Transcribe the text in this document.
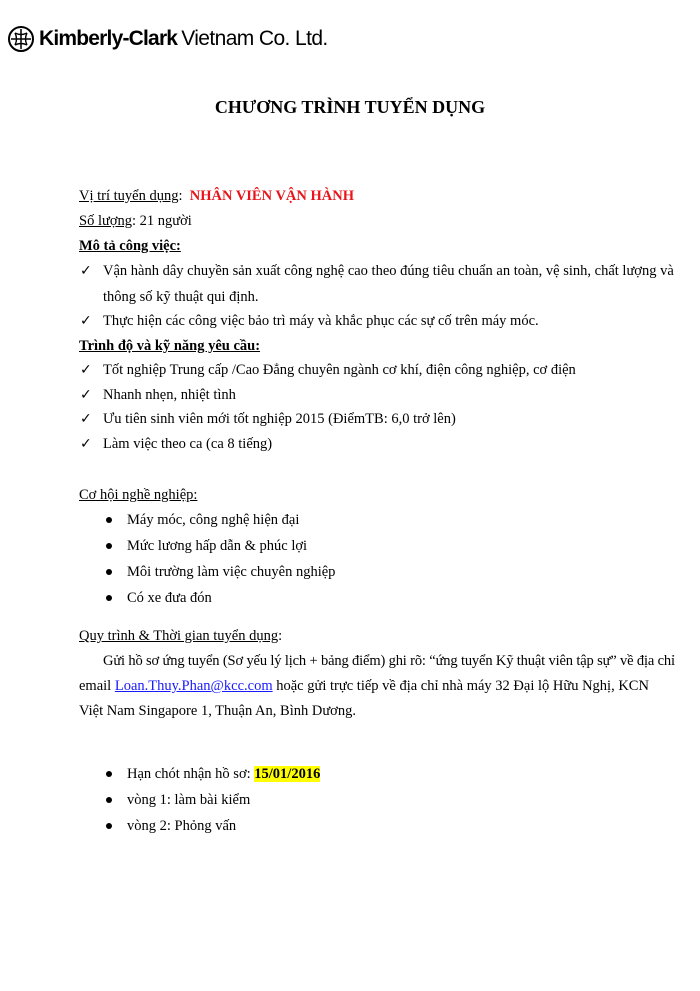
Kimberly-Clark Vietnam Co. Ltd.
CHƯƠNG TRÌNH TUYỂN DỤNG
Vị trí tuyển dụng:  NHÂN VIÊN VẬN HÀNH
Số lượng: 21 người
Mô tả công việc:
✓ Vận hành dây chuyền sản xuất công nghệ cao theo đúng tiêu chuẩn an toàn, vệ sinh, chất lượng và
thông số kỹ thuật qui định.
✓ Thực hiện các công việc bảo trì máy và khắc phục các sự cố trên máy móc.
Trình độ và kỹ năng yêu cầu:
✓ Tốt nghiệp Trung cấp /Cao Đẳng chuyên ngành cơ khí, điện công nghiệp, cơ điện
✓ Nhanh nhẹn, nhiệt tình
✓ Ưu tiên sinh viên mới tốt nghiệp 2015 (ĐiểmTB: 6,0 trở lên)
✓ Làm việc theo ca (ca 8 tiếng)
Cơ hội nghề nghiệp:
Máy móc, công nghệ hiện đại
Mức lương hấp dẫn & phúc lợi
Môi trường làm việc chuyên nghiệp
Có xe đưa đón
Quy trình & Thời gian tuyển dụng:
Gửi hồ sơ ứng tuyển (Sơ yếu lý lịch + bảng điểm) ghi rõ: “ứng tuyển Kỹ thuật viên tập sự” về địa chỉ
email Loan.Thuy.Phan@kcc.com hoặc gửi trực tiếp về địa chỉ nhà máy 32 Đại lộ Hữu Nghị, KCN
Việt Nam Singapore 1, Thuận An, Bình Dương.
Hạn chót nhận hồ sơ: 15/01/2016
vòng 1: làm bài kiểm
vòng 2: Phỏng vấn
